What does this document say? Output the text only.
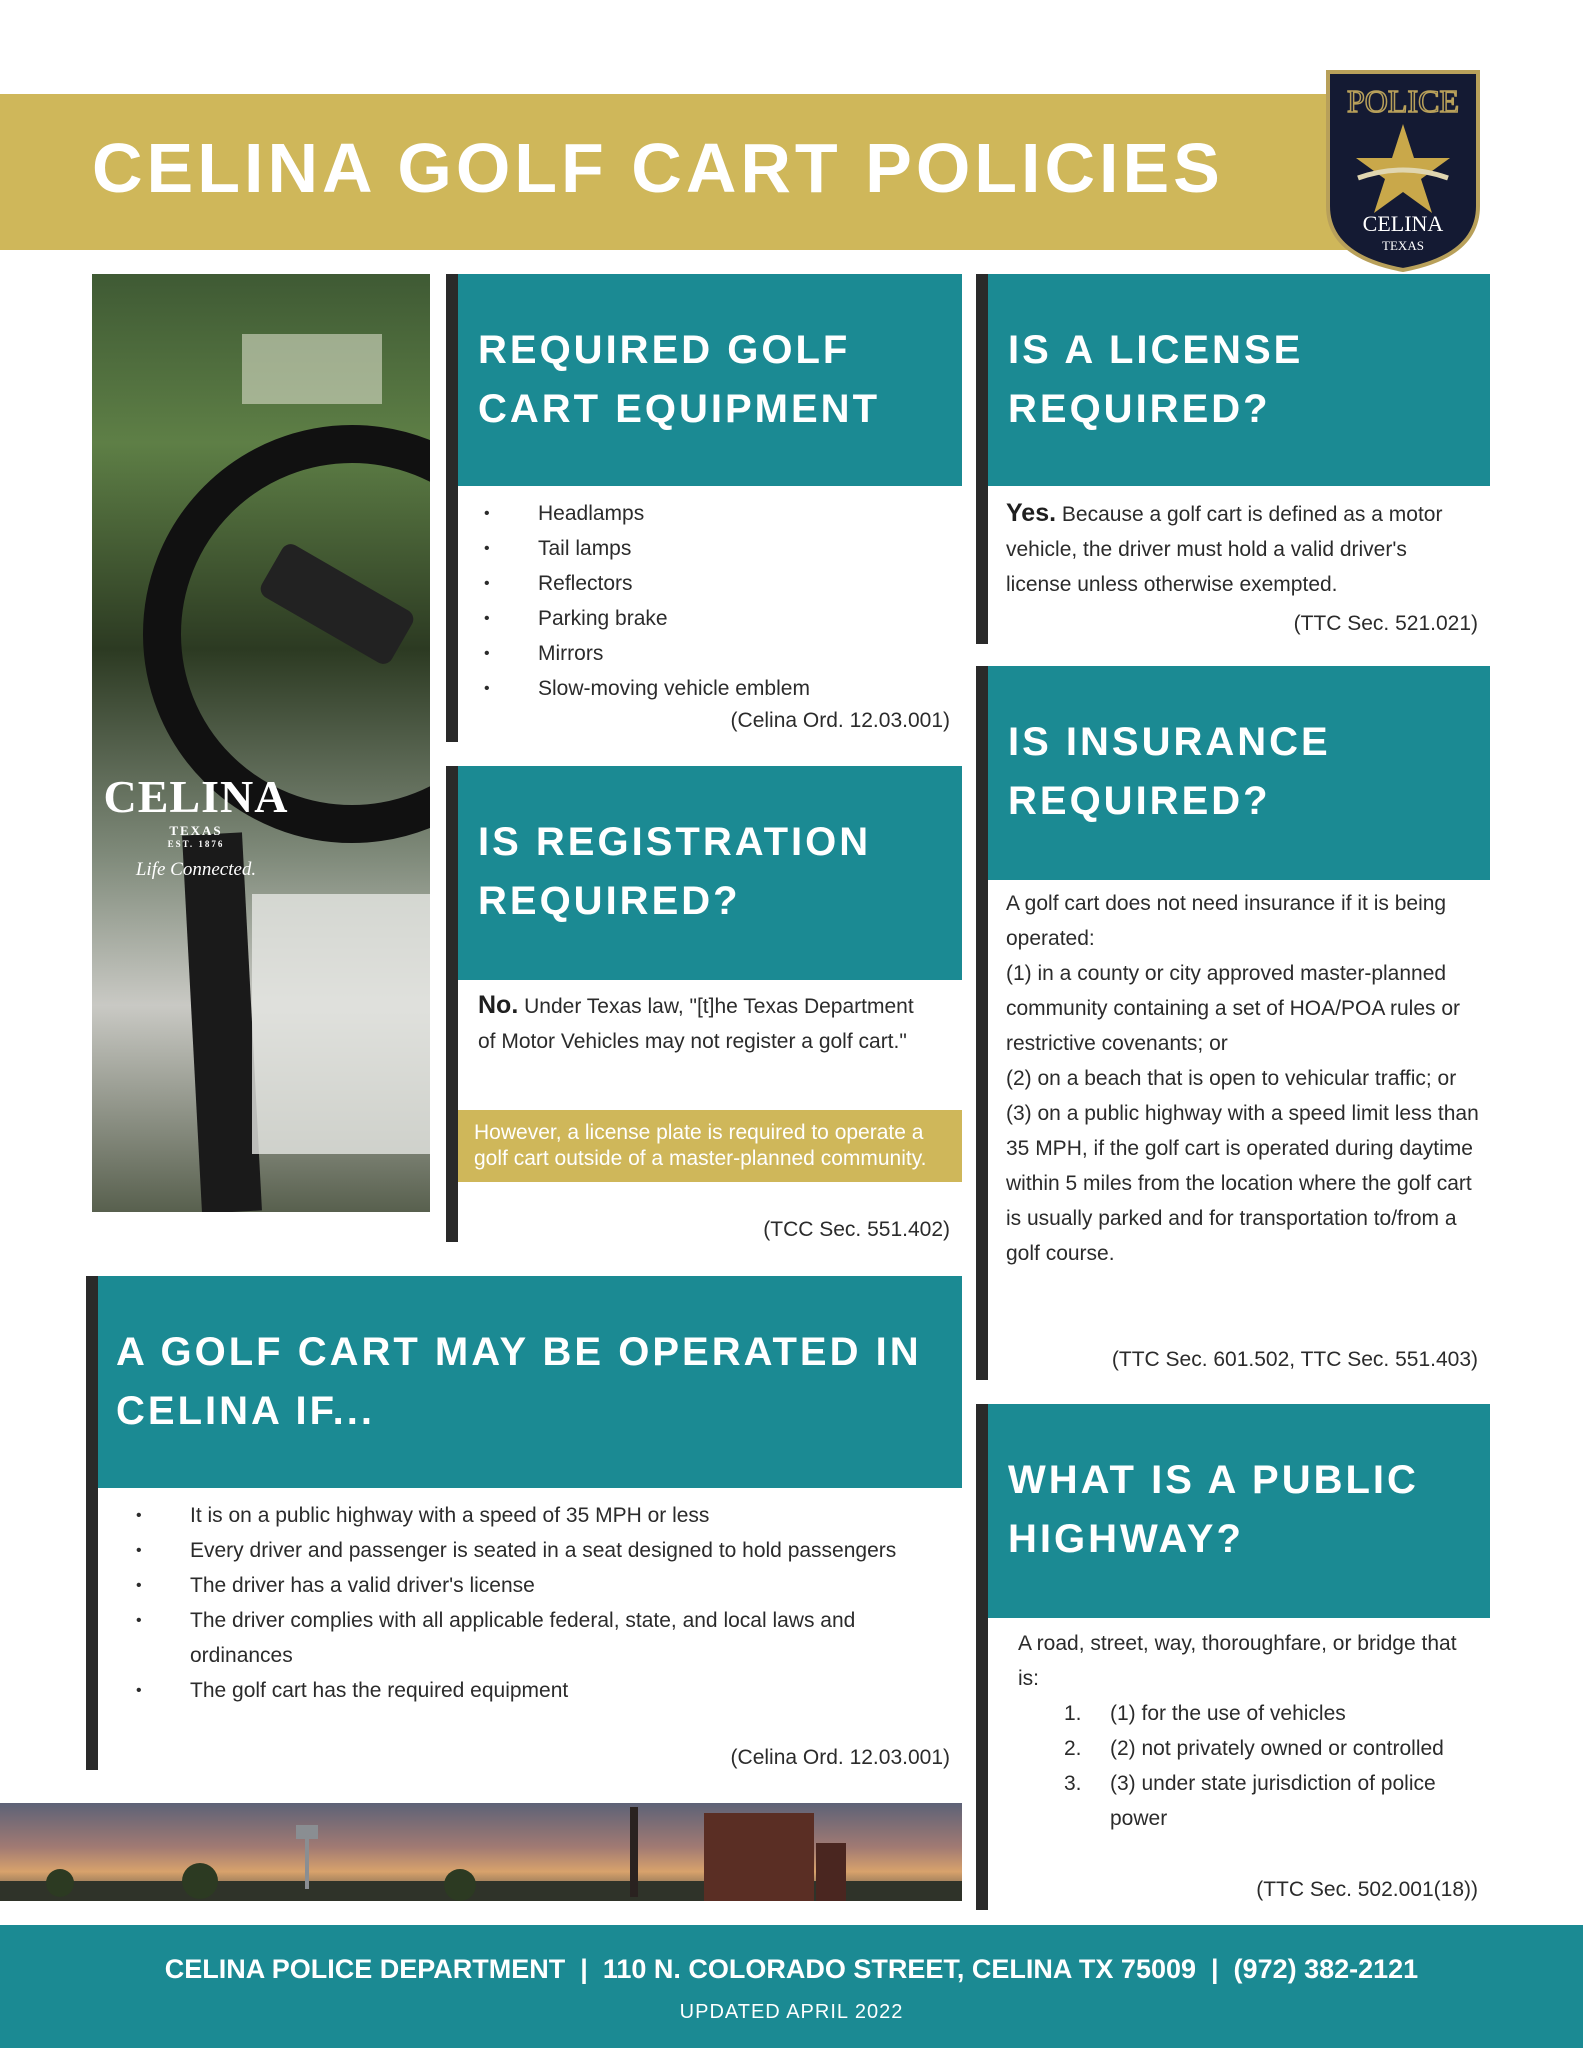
CELINA GOLF CART POLICIES
POLICE
CELINA
TEXAS
CELINA
TEXAS
EST. 1876
Life Connected.
REQUIRED GOLF
CART EQUIPMENT
• Headlamps
• Tail lamps
• Reflectors
• Parking brake
• Mirrors
• Slow-moving vehicle emblem
(Celina Ord. 12.03.001)
IS REGISTRATION
REQUIRED?
No. Under Texas law, "[t]he Texas Department of Motor Vehicles may not register a golf cart."
However, a license plate is required to operate a golf cart outside of a master-planned community.
(TCC Sec. 551.402)
IS A LICENSE
REQUIRED?
Yes. Because a golf cart is defined as a motor vehicle, the driver must hold a valid driver's license unless otherwise exempted.
(TTC Sec. 521.021)
IS INSURANCE
REQUIRED?
A golf cart does not need insurance if it is being operated:
(1) in a county or city approved master-planned community containing a set of HOA/POA rules or restrictive covenants; or
(2) on a beach that is open to vehicular traffic; or
(3) on a public highway with a speed limit less than 35 MPH, if the golf cart is operated during daytime within 5 miles from the location where the golf cart is usually parked and for transportation to/from a golf course.
(TTC Sec. 601.502, TTC Sec. 551.403)
A GOLF CART MAY BE OPERATED IN
CELINA IF...
• It is on a public highway with a speed of 35 MPH or less
• Every driver and passenger is seated in a seat designed to hold passengers
• The driver has a valid driver's license
• The driver complies with all applicable federal, state, and local laws and ordinances
• The golf cart has the required equipment
(Celina Ord. 12.03.001)
WHAT IS A PUBLIC
HIGHWAY?
A road, street, way, thoroughfare, or bridge that is:
1. (1) for the use of vehicles
2. (2) not privately owned or controlled
3. (3) under state jurisdiction of police power
(TTC Sec. 502.001(18))
CELINA POLICE DEPARTMENT  |  110 N. COLORADO STREET, CELINA TX 75009  |  (972) 382-2121
UPDATED APRIL 2022
